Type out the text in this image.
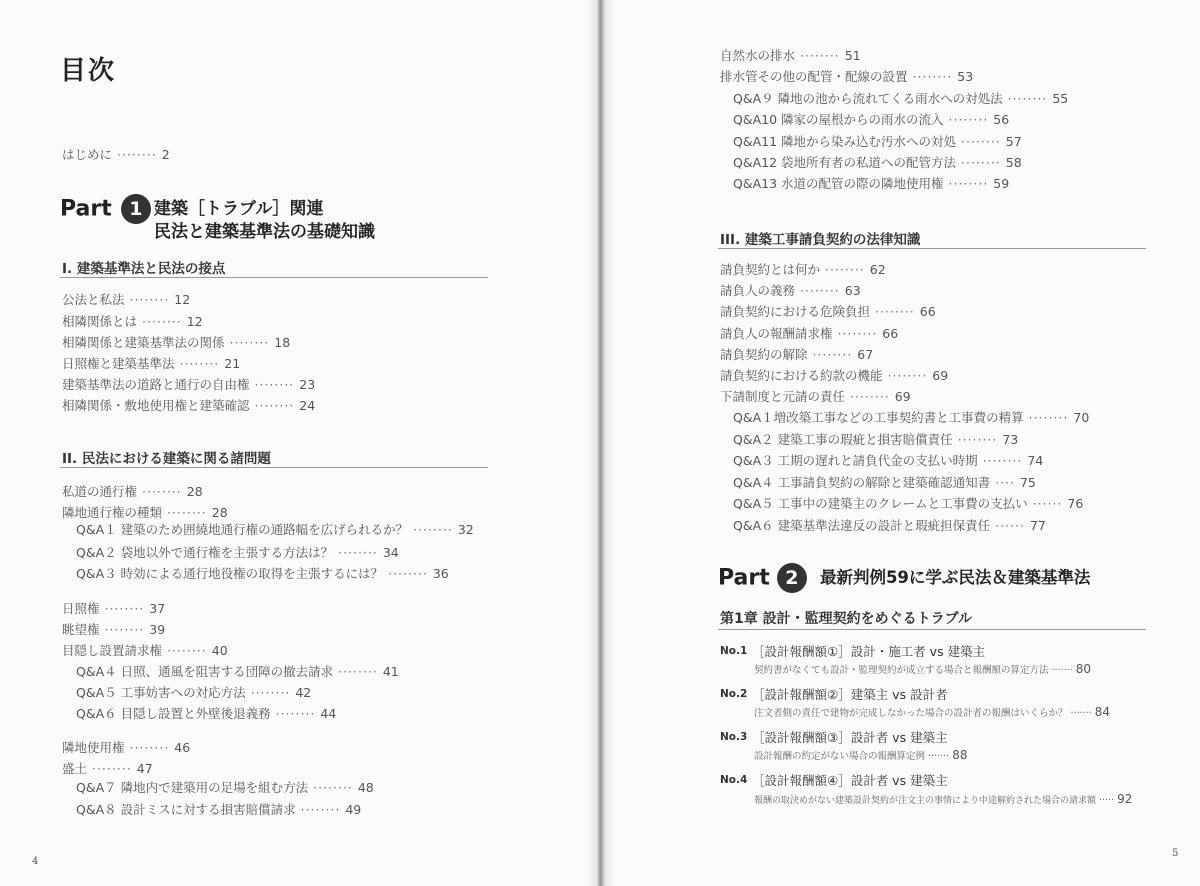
目次
はじめに ········ 2
Part 1 建築［トラブル］関連
民法と建築基準法の基礎知識
I. 建築基準法と民法の接点
公法と私法 ········ 12
相隣関係とは ········ 12
相隣関係と建築基準法の関係 ········ 18
日照権と建築基準法 ········ 21
建築基準法の道路と通行の自由権 ········ 23
相隣関係・敷地使用権と建築確認 ········ 24
II. 民法における建築に関る諸問題
私道の通行権 ········ 28
隣地通行権の種類 ········ 28
Q&A１ 建築のため囲繞地通行権の通路幅を広げられるか？ ········ 32
Q&A２ 袋地以外で通行権を主張する方法は？ ········ 34
Q&A３ 時効による通行地役権の取得を主張するには？ ········ 36
日照権 ········ 37
眺望権 ········ 39
目隠し設置請求権 ········ 40
Q&A４ 日照、通風を阻害する団障の撤去請求 ········ 41
Q&A５ 工事妨害への対応方法 ········ 42
Q&A６ 目隠し設置と外壁後退義務 ········ 44
隣地使用権 ········ 46
盛土 ········ 47
Q&A７ 隣地内で建築用の足場を組む方法 ········ 48
Q&A８ 設計ミスに対する損害賠償請求 ········ 49
4
自然水の排水 ········ 51
排水管その他の配管・配線の設置 ········ 53
Q&A９ 隣地の池から流れてくる雨水への対処法 ········ 55
Q&A10 隣家の屋根からの雨水の流入 ········ 56
Q&A11 隣地から染み込む汚水への対処 ········ 57
Q&A12 袋地所有者の私道への配管方法 ········ 58
Q&A13 水道の配管の際の隣地使用権 ········ 59
III. 建築工事請負契約の法律知識
請負契約とは何か ········ 62
請負人の義務 ········ 63
請負契約における危険負担 ········ 66
請負人の報酬請求権 ········ 66
請負契約の解除 ········ 67
請負契約における約款の機能 ········ 69
下請制度と元請の責任 ········ 69
Q&A１増改築工事などの工事契約書と工事費の精算 ········ 70
Q&A２ 建築工事の瑕疵と損害賠償責任 ········ 73
Q&A３ 工期の遅れと請負代金の支払い時期 ········ 74
Q&A４ 工事請負契約の解除と建築確認通知書 ···· 75
Q&A５ 工事中の建築主のクレームと工事費の支払い ······ 76
Q&A６ 建築基準法違反の設計と瑕疵担保責任 ······ 77
Part 2 最新判例59に学ぶ民法＆建築基準法
第1章 設計・監理契約をめぐるトラブル
No.1 ［設計報酬額①］設計・施工者 vs 建築主
契約書がなくても設計・監理契約が成立する場合と報酬額の算定方法 ······· 80
No.2 ［設計報酬額②］建築主 vs 設計者
注文者側の責任で建物が完成しなかった場合の設計者の報酬はいくらか？ ······· 84
No.3 ［設計報酬額③］設計者 vs 建築主
設計報酬の約定がない場合の報酬算定例 ······· 88
No.4 ［設計報酬額④］設計者 vs 建築主
報酬の取決めがない建築設計契約が注文主の事情により中途解約された場合の請求額 ····· 92
5
